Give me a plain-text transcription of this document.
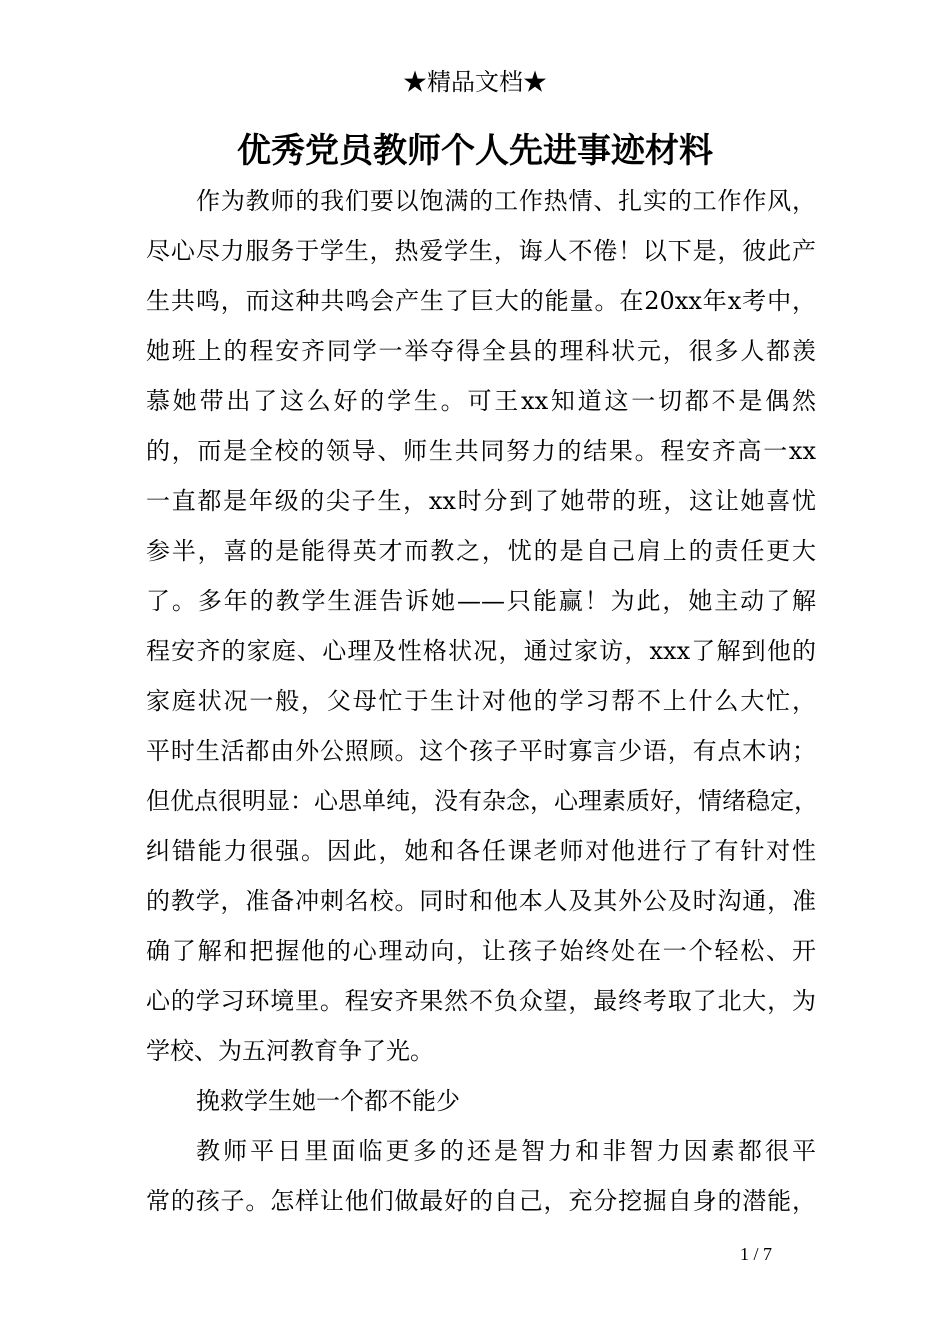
★精品文档★
优秀党员教师个人先进事迹材料
作为教师的我们要以饱满的工作热情、扎实的工作作风，
尽心尽力服务于学生，热爱学生，诲人不倦！以下是，彼此产
生共鸣，而这种共鸣会产生了巨大的能量。在20xx年x考中，
她班上的程安齐同学一举夺得全县的理科状元，很多人都羡
慕她带出了这么好的学生。可王xx知道这一切都不是偶然
的，而是全校的领导、师生共同努力的结果。程安齐高一xx
一直都是年级的尖子生，xx时分到了她带的班，这让她喜忧
参半，喜的是能得英才而教之，忧的是自己肩上的责任更大
了。多年的教学生涯告诉她——只能赢！为此，她主动了解
程安齐的家庭、心理及性格状况，通过家访，xxx了解到他的
家庭状况一般，父母忙于生计对他的学习帮不上什么大忙，
平时生活都由外公照顾。这个孩子平时寡言少语，有点木讷；
但优点很明显：心思单纯，没有杂念，心理素质好，情绪稳定，
纠错能力很强。因此，她和各任课老师对他进行了有针对性
的教学，准备冲刺名校。同时和他本人及其外公及时沟通，准
确了解和把握他的心理动向，让孩子始终处在一个轻松、开
心的学习环境里。程安齐果然不负众望，最终考取了北大，为
学校、为五河教育争了光。
挽救学生她一个都不能少
教师平日里面临更多的还是智力和非智力因素都很平
常的孩子。怎样让他们做最好的自己，充分挖掘自身的潜能，
1 / 7
